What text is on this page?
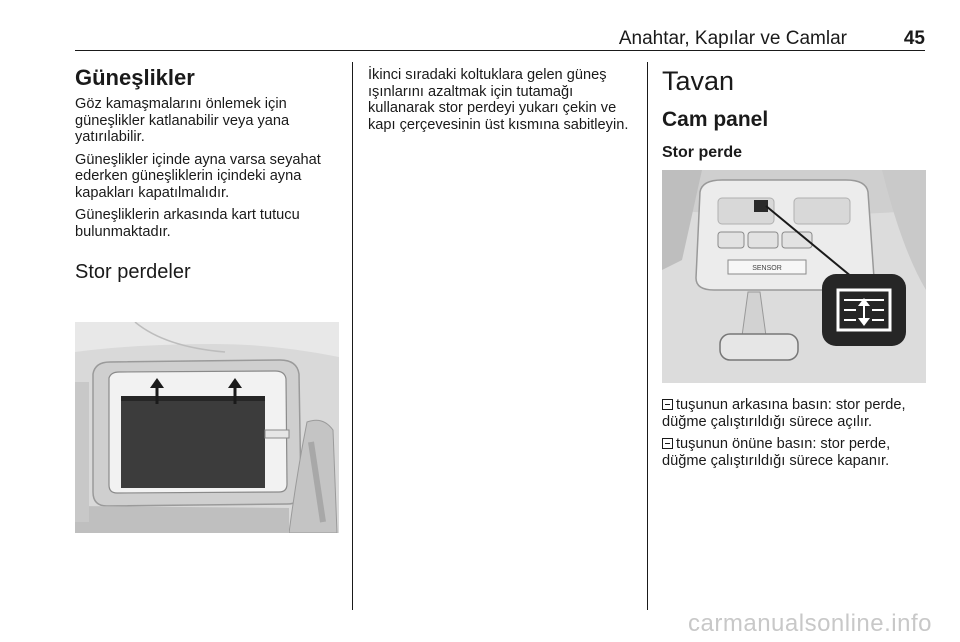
Anahtar, Kapılar ve Camlar	45
Güneşlikler

Göz kamaşmalarını önlemek için güneşlikler katlanabilir veya yana yatırılabilir.

Güneşlikler içinde ayna varsa seyahat ederken güneşliklerin içindeki ayna kapakları kapatılmalıdır.

Güneşliklerin arkasında kart tutucu bulunmaktadır.

Stor perdeler

İkinci sıradaki koltuklara gelen güneş ışınlarını azaltmak için tutamağı kullanarak stor perdeyi yukarı çekin ve kapı çerçevesinin üst kısmına sabitleyin.

Tavan
Cam panel
Stor perde
SENSOR

tuşunun arkasına basın: stor perde, düğme çalıştırıldığı sürece açılır.

tuşunun önüne basın: stor perde, düğme çalıştırıldığı sürece kapanır.

carmanualsonline.info
